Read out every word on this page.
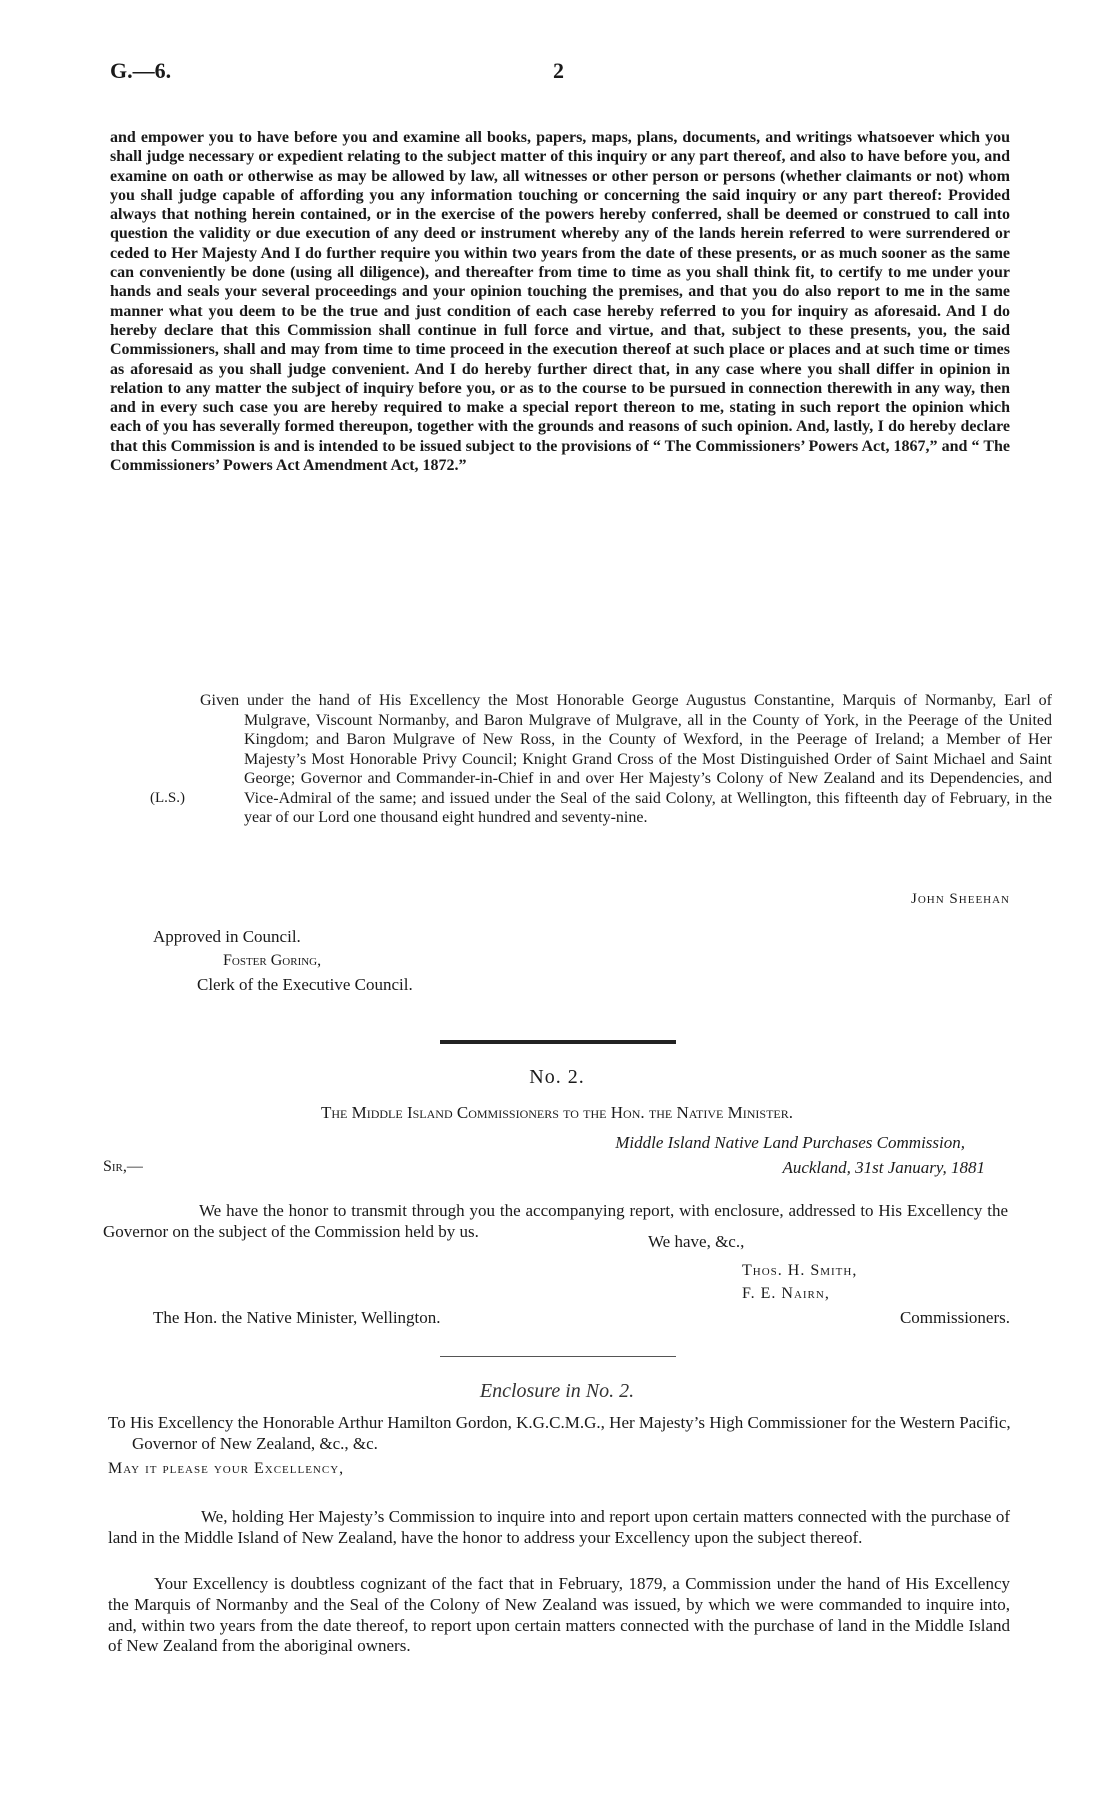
G.—6.	2

and empower you to have before you and examine all books, papers, maps, plans, documents, and writings whatsoever which you shall judge necessary or expedient relating to the subject matter of this inquiry or any part thereof, and also to have before you, and examine on oath or otherwise as may be allowed by law, all witnesses or other person or persons (whether claimants or not) whom you shall judge capable of affording you any information touching or concerning the said inquiry or any part thereof: Provided always that nothing herein contained, or in the exercise of the powers hereby conferred, shall be deemed or construed to call into question the validity or due execution of any deed or instrument whereby any of the lands herein referred to were surrendered or ceded to Her Majesty And I do further require you within two years from the date of these presents, or as much sooner as the same can conveniently be done (using all diligence), and thereafter from time to time as you shall think fit, to certify to me under your hands and seals your several proceedings and your opinion touching the premises, and that you do also report to me in the same manner what you deem to be the true and just condition of each case hereby referred to you for inquiry as aforesaid. And I do hereby declare that this Commission shall continue in full force and virtue, and that, subject to these presents, you, the said Commissioners, shall and may from time to time proceed in the execution thereof at such place or places and at such time or times as aforesaid as you shall judge convenient. And I do hereby further direct that, in any case where you shall differ in opinion in relation to any matter the subject of inquiry before you, or as to the course to be pursued in connection therewith in any way, then and in every such case you are hereby required to make a special report thereon to me, stating in such report the opinion which each of you has severally formed thereupon, together with the grounds and reasons of such opinion. And, lastly, I do hereby declare that this Commission is and is intended to be issued subject to the provisions of “ The Commissioners’ Powers Act, 1867,” and “ The Commissioners’ Powers Act Amendment Act, 1872.”

(L.S.)

Given under the hand of His Excellency the Most Honorable George Augustus Constantine, Marquis of Normanby, Earl of Mulgrave, Viscount Normanby, and Baron Mulgrave of Mulgrave, all in the County of York, in the Peerage of the United Kingdom; and Baron Mulgrave of New Ross, in the County of Wexford, in the Peerage of Ireland; a Member of Her Majesty’s Most Honorable Privy Council; Knight Grand Cross of the Most Distinguished Order of Saint Michael and Saint George; Governor and Commander-in-Chief in and over Her Majesty’s Colony of New Zealand and its Dependencies, and Vice-Admiral of the same; and issued under the Seal of the said Colony, at Wellington, this fifteenth day of February, in the year of our Lord one thousand eight hundred and seventy-nine.

John Sheehan
Approved in Council.
Foster Goring,
Clerk of the Executive Council.
No. 2.
The Middle Island Commissioners to the Hon. the Native Minister.
Middle Island Native Land Purchases Commission,
Sir,—	Auckland, 31st January, 1881

We have the honor to transmit through you the accompanying report, with enclosure, addressed to His Excellency the Governor on the subject of the Commission held by us.

We have, &c.,
Thos. H. Smith,
F. E. Nairn,
The Hon. the Native Minister, Wellington.	Commissioners.
Enclosure in No. 2.
To His Excellency the Honorable Arthur Hamilton Gordon, K.G.C.M.G., Her Majesty’s High Commissioner for the Western Pacific, Governor of New Zealand, &c., &c.
May it please your Excellency,

We, holding Her Majesty’s Commission to inquire into and report upon certain matters connected with the purchase of land in the Middle Island of New Zealand, have the honor to address your Excellency upon the subject thereof.

Your Excellency is doubtless cognizant of the fact that in February, 1879, a Commission under the hand of His Excellency the Marquis of Normanby and the Seal of the Colony of New Zealand was issued, by which we were commanded to inquire into, and, within two years from the date thereof, to report upon certain matters connected with the purchase of land in the Middle Island of New Zealand from the aboriginal owners.
